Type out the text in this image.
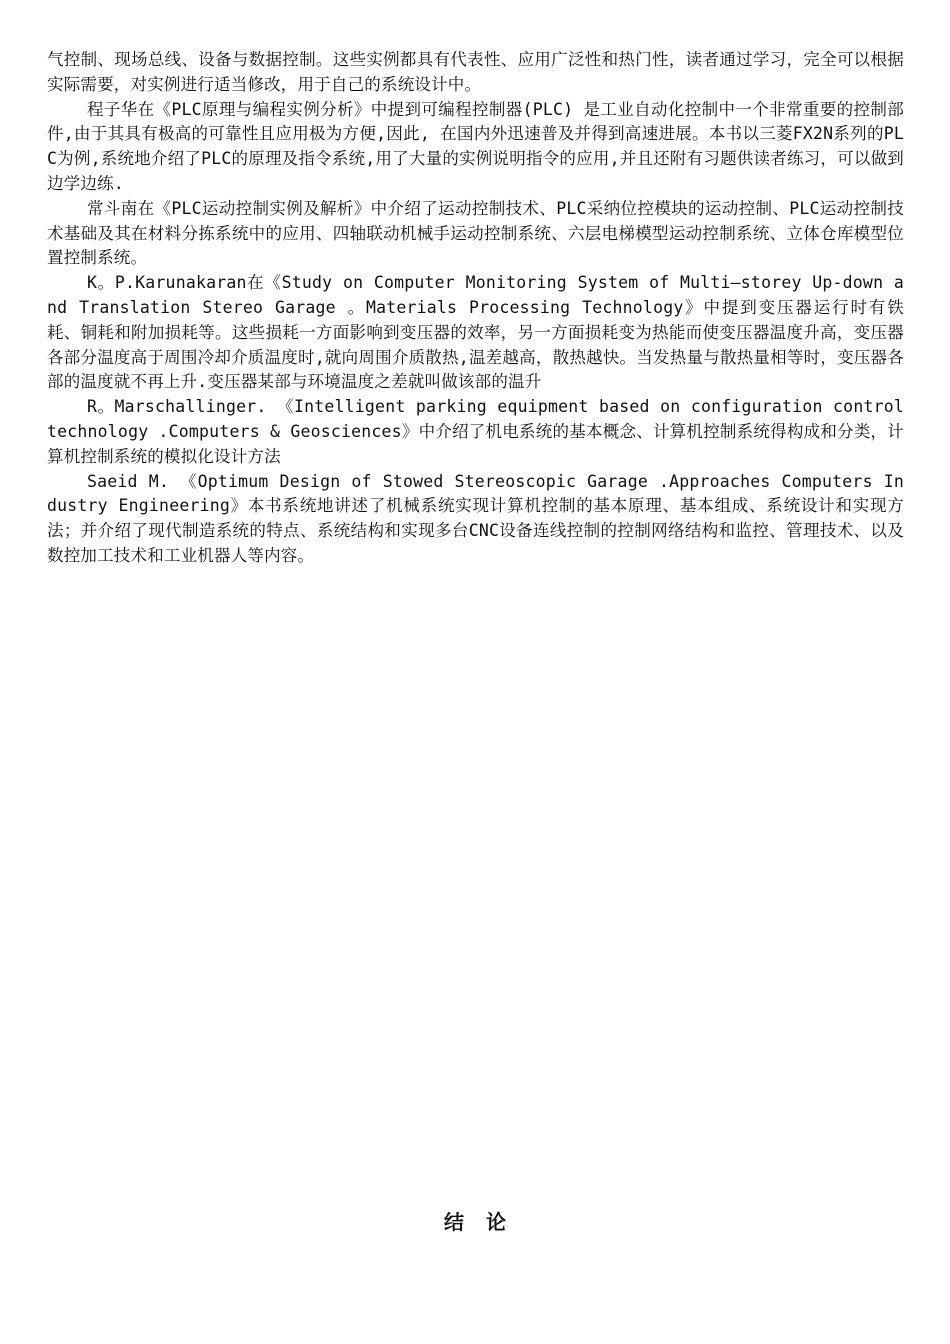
气控制、现场总线、设备与数据控制。这些实例都具有代表性、应用广泛性和热门性，读者通过学习，完全可以根据实际需要，对实例进行适当修改，用于自己的系统设计中。

程子华在《PLC原理与编程实例分析》中提到可编程控制器(PLC) 是工业自动化控制中一个非常重要的控制部件,由于其具有极高的可靠性且应用极为方便,因此, 在国内外迅速普及并得到高速进展。本书以三菱FX2N系列的PLC为例,系统地介绍了PLC的原理及指令系统,用了大量的实例说明指令的应用,并且还附有习题供读者练习，可以做到边学边练.

常斗南在《PLC运动控制实例及解析》中介绍了运动控制技术、PLC采纳位控模块的运动控制、PLC运动控制技术基础及其在材料分拣系统中的应用、四轴联动机械手运动控制系统、六层电梯模型运动控制系统、立体仓库模型位置控制系统。

K。P.Karunakaran在《Study on Computer Monitoring System of Multi—storey Up-down and Translation Stereo Garage 。Materials Processing Technology》中提到变压器运行时有铁耗、铜耗和附加损耗等。这些损耗一方面影响到变压器的效率，另一方面损耗变为热能而使变压器温度升高，变压器各部分温度高于周围冷却介质温度时,就向周围介质散热,温差越高，散热越快。当发热量与散热量相等时，变压器各部的温度就不再上升.变压器某部与环境温度之差就叫做该部的温升

R。Marschallinger. 《Intelligent parking equipment based on configuration control technology .Computers & Geosciences》中介绍了机电系统的基本概念、计算机控制系统得构成和分类，计算机控制系统的模拟化设计方法

Saeid M. 《Optimum Design of Stowed Stereoscopic Garage .Approaches Computers Industry Engineering》本书系统地讲述了机械系统实现计算机控制的基本原理、基本组成、系统设计和实现方法；并介绍了现代制造系统的特点、系统结构和实现多台CNC设备连线控制的控制网络结构和监控、管理技术、以及数控加工技术和工业机器人等内容。

结论
